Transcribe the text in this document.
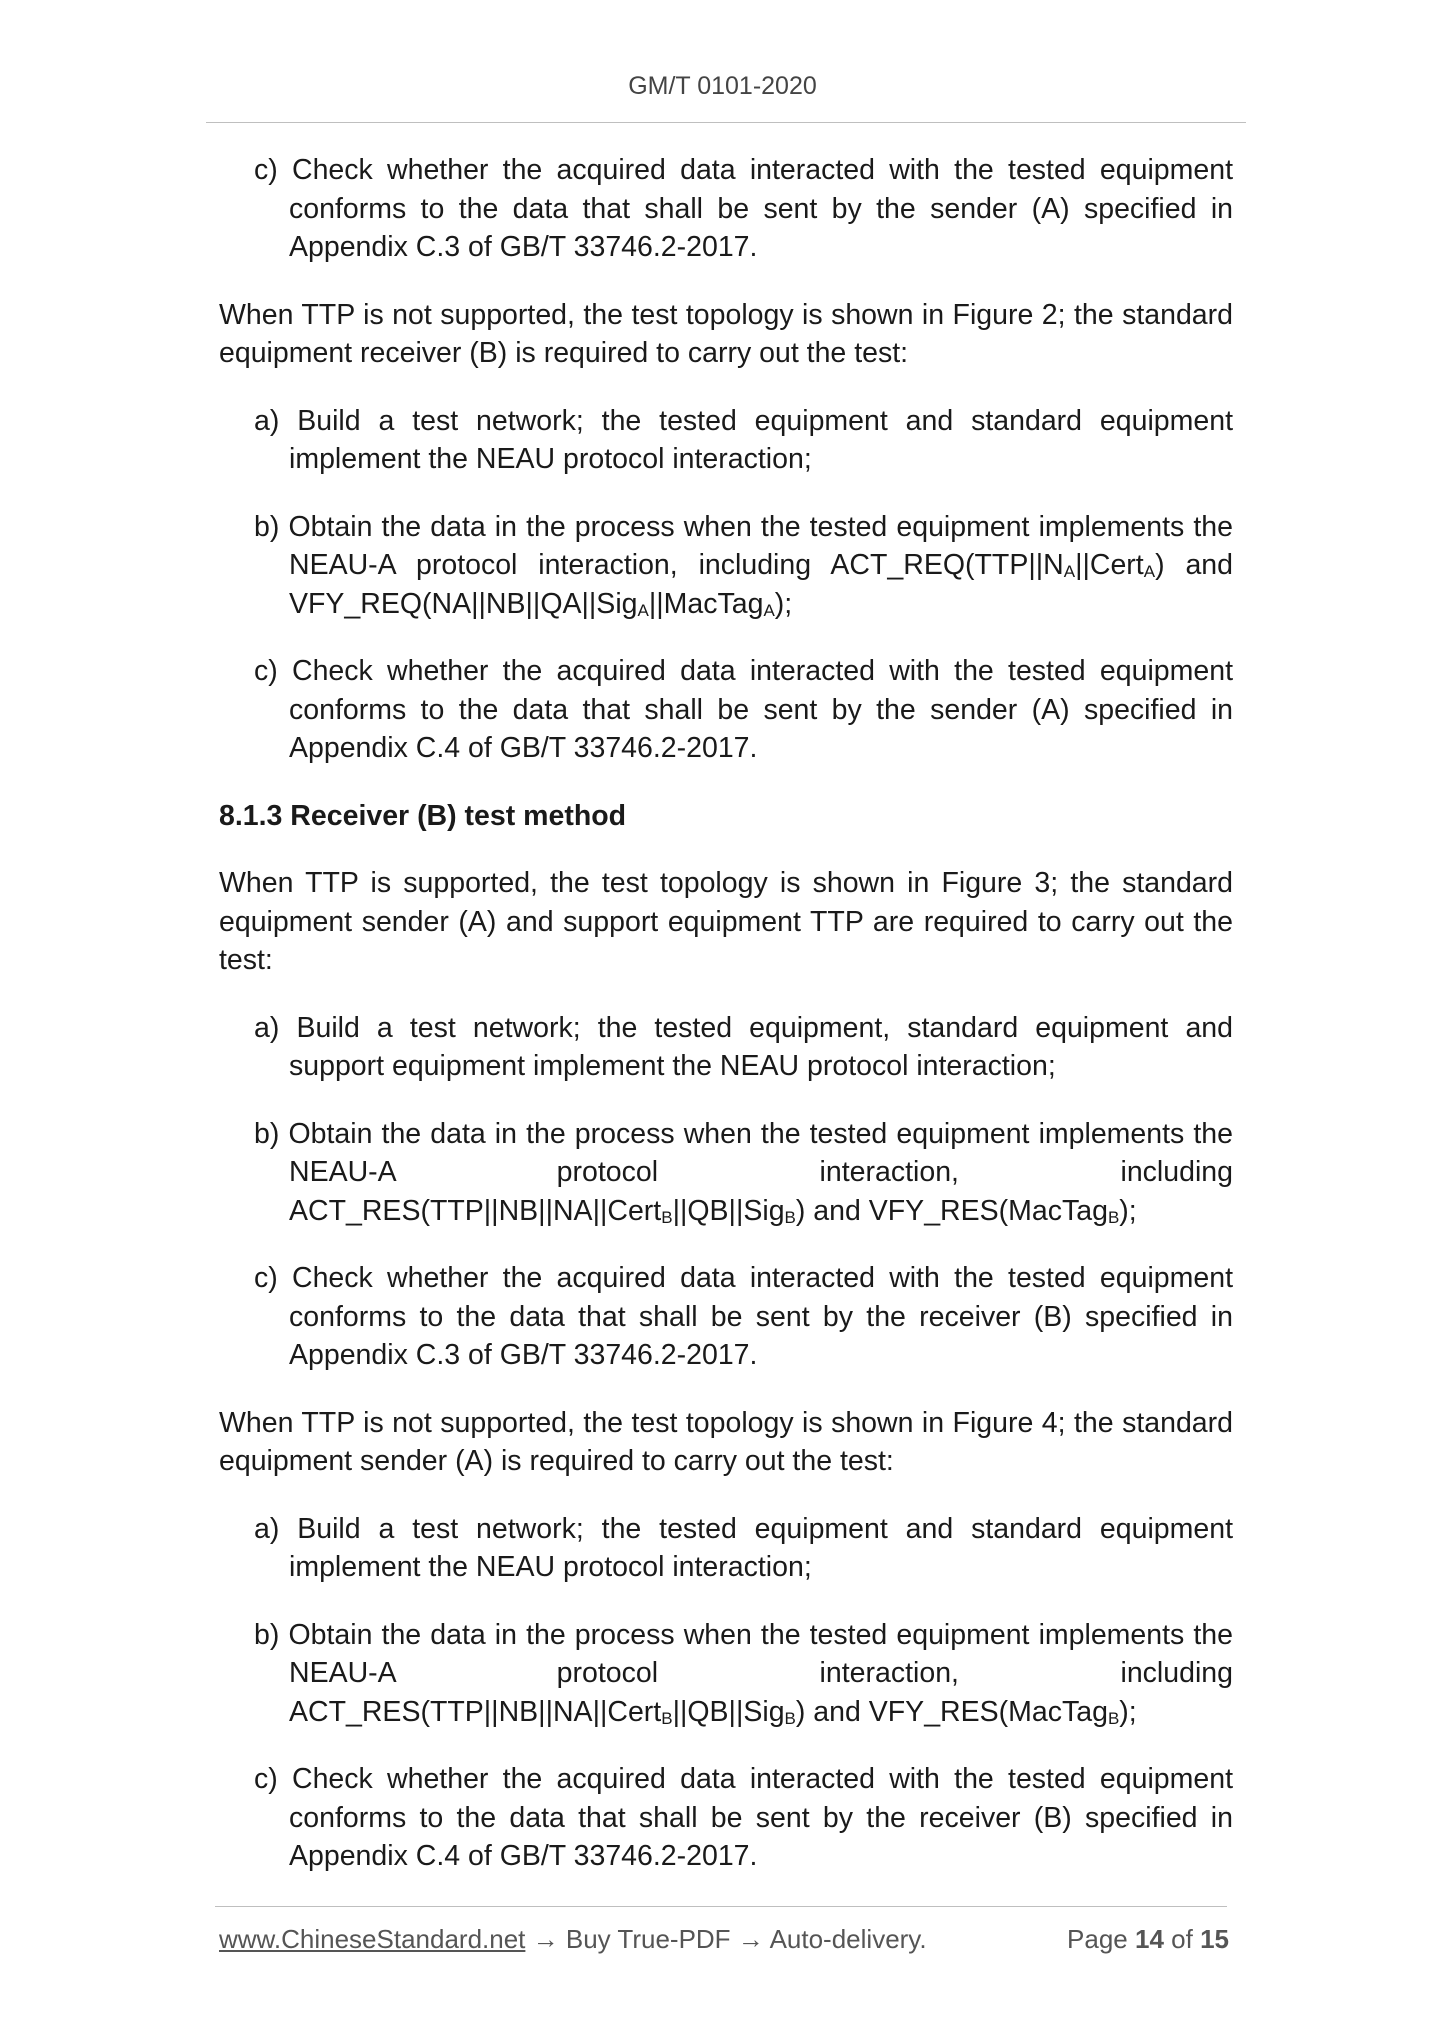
GM/T 0101-2020
c) Check whether the acquired data interacted with the tested equipment conforms to the data that shall be sent by the sender (A) specified in Appendix C.3 of GB/T 33746.2-2017.

When TTP is not supported, the test topology is shown in Figure 2; the standard equipment receiver (B) is required to carry out the test:

a) Build a test network; the tested equipment and standard equipment implement the NEAU protocol interaction;
b) Obtain the data in the process when the tested equipment implements the NEAU-A protocol interaction, including $ACT\_REQ(TTP||N_A||Cert_A)$ and VFY_REQ(NA||NB||QA||Sig$_A$||MacTag$_A$);
c) Check whether the acquired data interacted with the tested equipment conforms to the data that shall be sent by the sender (A) specified in Appendix C.4 of GB/T 33746.2-2017.

8.1.3 Receiver (B) test method

When TTP is supported, the test topology is shown in Figure 3; the standard equipment sender (A) and support equipment TTP are required to carry out the test:

a) Build a test network; the tested equipment, standard equipment and support equipment implement the NEAU protocol interaction;
b) Obtain the data in the process when the tested equipment implements the NEAU-A protocol interaction, including
ACT_RES(TTP||NB||NA||Cert$_B$||QB||Sig$_B$) and VFY_RES(MacTag$_B$);
c) Check whether the acquired data interacted with the tested equipment conforms to the data that shall be sent by the receiver (B) specified in Appendix C.3 of GB/T 33746.2-2017.

When TTP is not supported, the test topology is shown in Figure 4; the standard equipment sender (A) is required to carry out the test:

a) Build a test network; the tested equipment and standard equipment implement the NEAU protocol interaction;
b) Obtain the data in the process when the tested equipment implements the NEAU-A protocol interaction, including
ACT_RES(TTP||NB||NA||Cert$_B$||QB||Sig$_B$) and VFY_RES(MacTag$_B$);
c) Check whether the acquired data interacted with the tested equipment conforms to the data that shall be sent by the receiver (B) specified in Appendix C.4 of GB/T 33746.2-2017.
www.ChineseStandard.net → Buy True-PDF → Auto-delivery.	Page 14 of 15
